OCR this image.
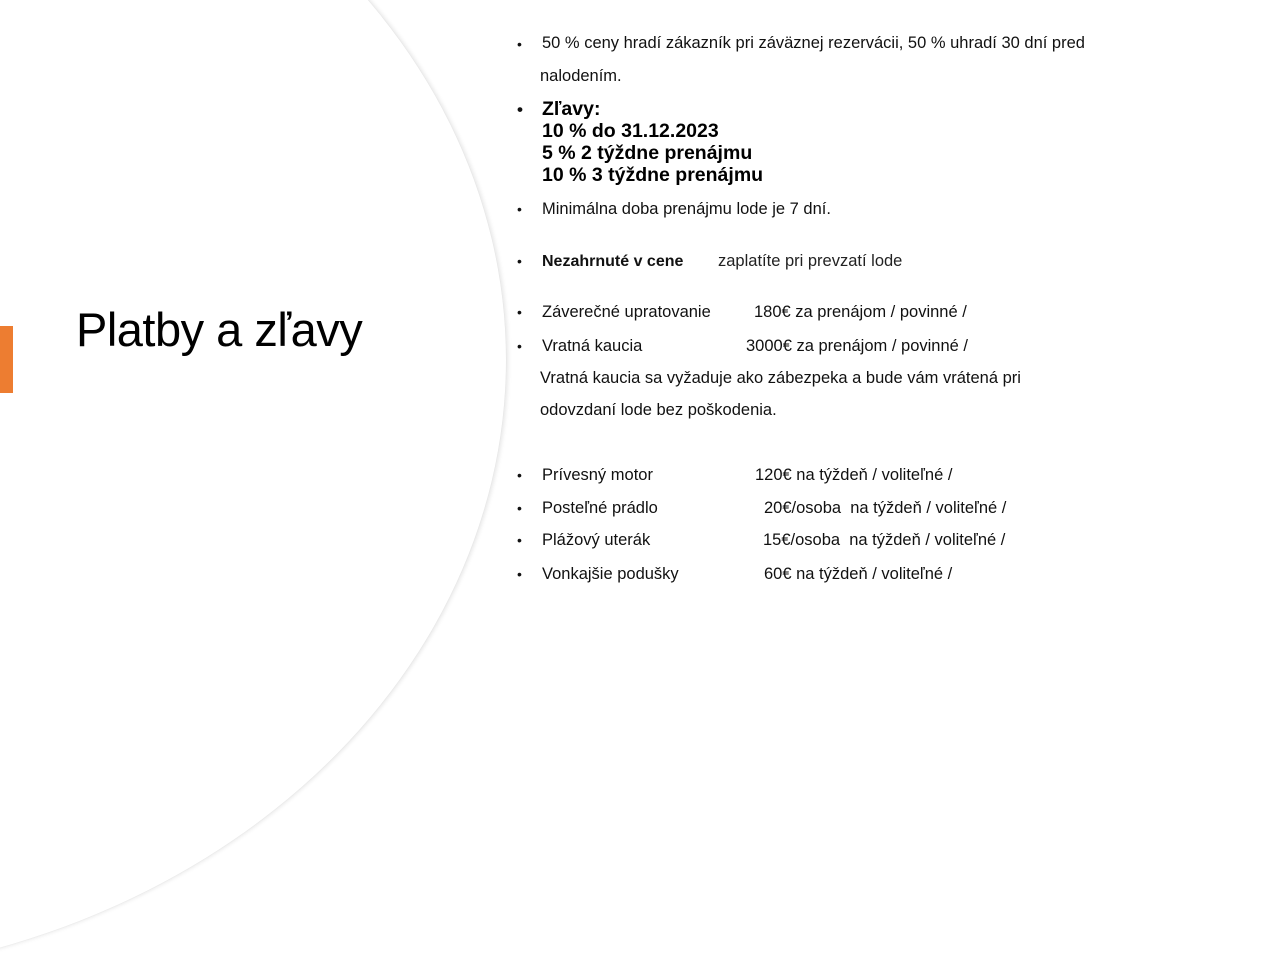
Platby a zľavy
• 50 % ceny hradí zákazník pri záväznej rezervácii, 50 % uhradí 30 dní pred
nalodením.
• Zľavy:
10 % do 31.12.2023
5 % 2 týždne prenájmu
10 % 3 týždne prenájmu
• Minimálna doba prenájmu lode je 7 dní.
• Nezahrnuté v cene zaplatíte pri prevzatí lode
• Záverečné upratovanie	180€ za prenájom / povinné /
• Vratná kaucia	3000€ za prenájom / povinné /
Vratná kaucia sa vyžaduje ako zábezpeka a bude vám vrátená pri
odovzdaní lode bez poškodenia.
• Prívesný motor	120€ na týždeň / voliteľné /
• Posteľné prádlo	20€/osoba  na týždeň / voliteľné /
• Plážový uterák	15€/osoba  na týždeň / voliteľné /
• Vonkajšie podušky	60€ na týždeň / voliteľné /
